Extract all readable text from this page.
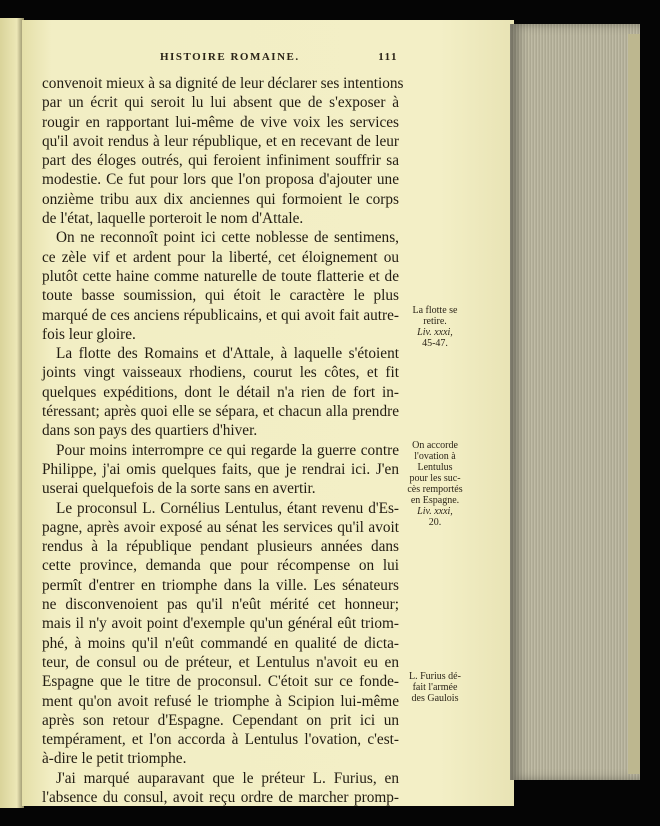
HISTOIRE ROMAINE.	111
convenoit mieux à sa dignité de leur déclarer ses intentions
par un écrit qui seroit lu lui absent que de s'exposer à
rougir en rapportant lui-même de vive voix les services
qu'il avoit rendus à leur république, et en recevant de leur
part des éloges outrés, qui feroient infiniment souffrir sa
modestie. Ce fut pour lors que l'on proposa d'ajouter une
onzième tribu aux dix anciennes qui formoient le corps
de l'état, laquelle porteroit le nom d'Attale.
On ne reconnoît point ici cette noblesse de sentimens,
ce zèle vif et ardent pour la liberté, cet éloignement ou
plutôt cette haine comme naturelle de toute flatterie et de
toute basse soumission, qui étoit le caractère le plus
marqué de ces anciens républicains, et qui avoit fait autre-
fois leur gloire.
La flotte des Romains et d'Attale, à laquelle s'étoient
joints vingt vaisseaux rhodiens, courut les côtes, et fit
quelques expéditions, dont le détail n'a rien de fort in-
téressant; après quoi elle se sépara, et chacun alla prendre
dans son pays des quartiers d'hiver.
Pour moins interrompre ce qui regarde la guerre contre
Philippe, j'ai omis quelques faits, que je rendrai ici. J'en
userai quelquefois de la sorte sans en avertir.
Le proconsul L. Cornélius Lentulus, étant revenu d'Es-
pagne, après avoir exposé au sénat les services qu'il avoit
rendus à la république pendant plusieurs années dans
cette province, demanda que pour récompense on lui
permît d'entrer en triomphe dans la ville. Les sénateurs
ne disconvenoient pas qu'il n'eût mérité cet honneur;
mais il n'y avoit point d'exemple qu'un général eût triom-
phé, à moins qu'il n'eût commandé en qualité de dicta-
teur, de consul ou de préteur, et Lentulus n'avoit eu en
Espagne que le titre de proconsul. C'étoit sur ce fonde-
ment qu'on avoit refusé le triomphe à Scipion lui-même
après son retour d'Espagne. Cependant on prit ici un
tempérament, et l'on accorda à Lentulus l'ovation, c'est-
à-dire le petit triomphe.
J'ai marqué auparavant que le préteur L. Furius, en
l'absence du consul, avoit reçu ordre de marcher promp-
La flotte se
retire.
Liv. xxxi,
45-47.
On accorde
l'ovation à
Lentulus
pour les suc-
cès remportés
en Espagne.
Liv. xxxi,
20.
L. Furius dé-
fait l'armée
des Gaulois
